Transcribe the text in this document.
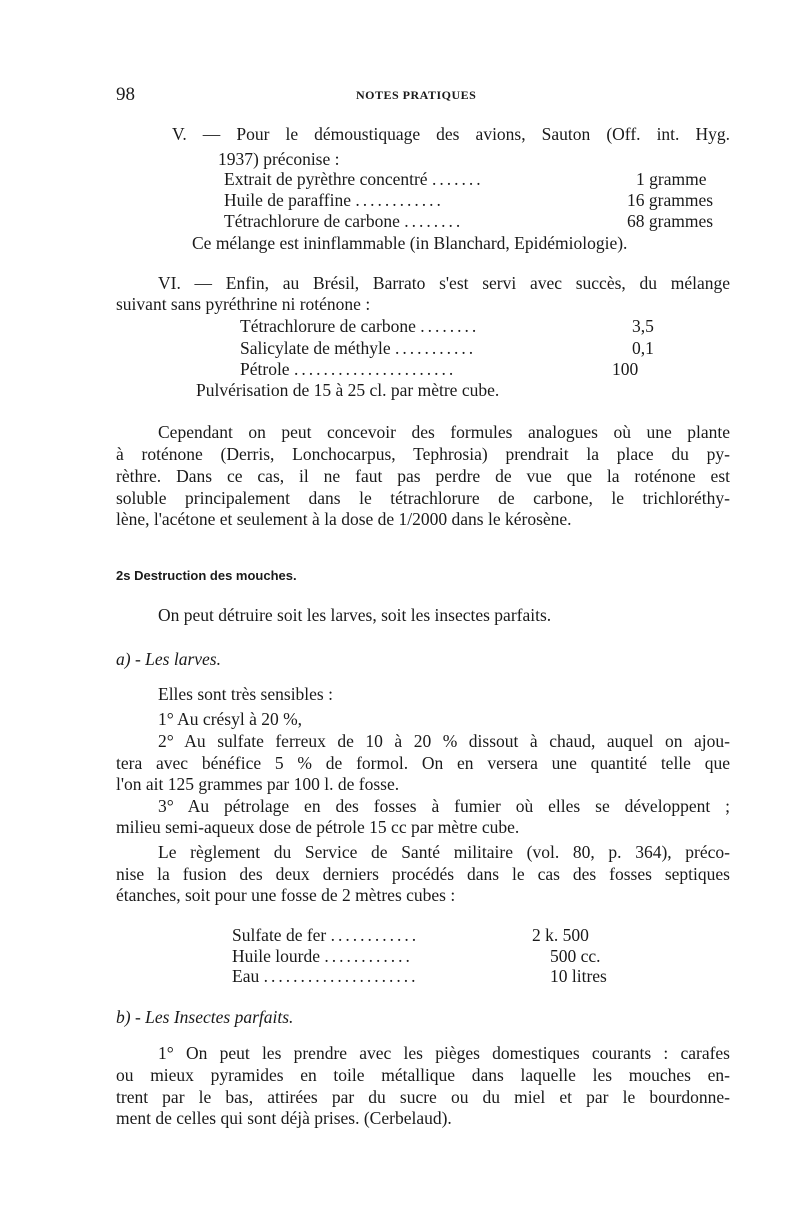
98	NOTES PRATIQUES
V. — Pour le démoustiquage des avions, Sauton (Off. int. Hyg.
1937) préconise :
Extrait de pyrèthre concentré .......	1 gramme
Huile de paraffine ............	16 grammes
Tétrachlorure de carbone ........	68 grammes
Ce mélange est ininflammable (in Blanchard, Epidémiologie).
VI. — Enfin, au Brésil, Barrato s'est servi avec succès, du mélange
suivant sans pyréthrine ni roténone :
Tétrachlorure de carbone ........	3,5
Salicylate de méthyle ...........	0,1
Pétrole ......................	100
Pulvérisation de 15 à 25 cl. par mètre cube.
Cependant on peut concevoir des formules analogues où une plante
à roténone (Derris, Lonchocarpus, Tephrosia) prendrait la place du py-
rèthre. Dans ce cas, il ne faut pas perdre de vue que la roténone est
soluble principalement dans le tétrachlorure de carbone, le trichloréthy-
lène, l'acétone et seulement à la dose de 1/2000 dans le kérosène.
2s Destruction des mouches.
On peut détruire soit les larves, soit les insectes parfaits.
a) - Les larves.
Elles sont très sensibles :
1° Au crésyl à 20 %,
2° Au sulfate ferreux de 10 à 20 % dissout à chaud, auquel on ajou-
tera avec bénéfice 5 % de formol. On en versera une quantité telle que
l'on ait 125 grammes par 100 l. de fosse.
3° Au pétrolage en des fosses à fumier où elles se développent ;
milieu semi-aqueux dose de pétrole 15 cc par mètre cube.
Le règlement du Service de Santé militaire (vol. 80, p. 364), préco-
nise la fusion des deux derniers procédés dans le cas des fosses septiques
étanches, soit pour une fosse de 2 mètres cubes :
Sulfate de fer ............	2 k. 500
Huile lourde ............	500 cc.
Eau .....................	10 litres
b) - Les Insectes parfaits.
1° On peut les prendre avec les pièges domestiques courants : carafes
ou mieux pyramides en toile métallique dans laquelle les mouches en-
trent par le bas, attirées par du sucre ou du miel et par le bourdonne-
ment de celles qui sont déjà prises. (Cerbelaud).
